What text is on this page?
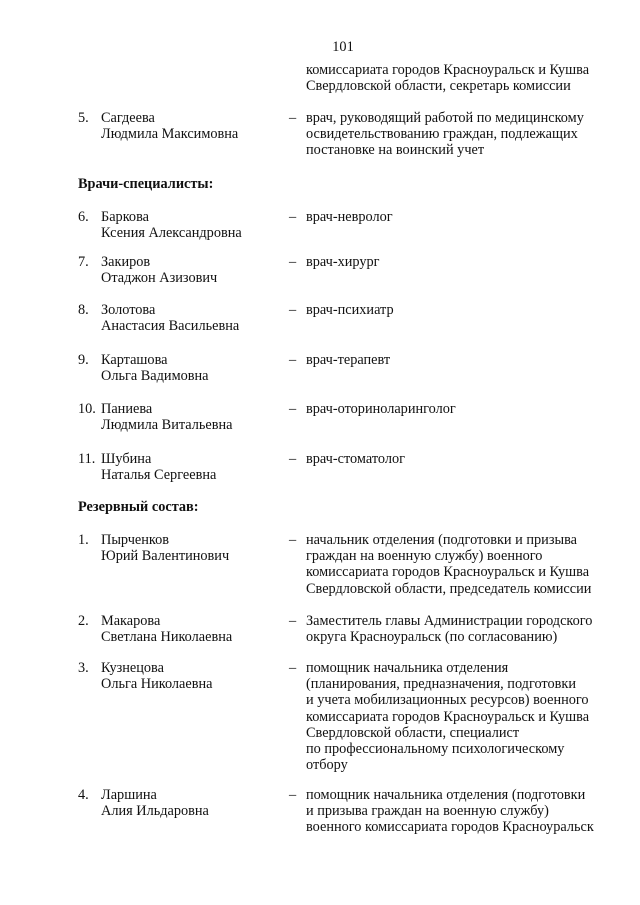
101
комиссариата городов Красноуральск и Кушва
Свердловской области, секретарь комиссии
5. Сагдеева
Людмила Максимовна
– врач, руководящий работой по медицинскому
освидетельствованию граждан, подлежащих
постановке на воинский учет
Врачи-специалисты:
6. Баркова
Ксения Александровна
– врач-невролог
7. Закиров
Отаджон Азизович
– врач-хирург
8. Золотова
Анастасия Васильевна
– врач-психиатр
9. Карташова
Ольга Вадимовна
– врач-терапевт
10. Паниева
Людмила Витальевна
– врач-оториноларинголог
11. Шубина
Наталья Сергеевна
– врач-стоматолог
Резервный состав:
1. Пырченков
Юрий Валентинович
– начальник отделения (подготовки и призыва
граждан на военную службу) военного
комиссариата городов Красноуральск и Кушва
Свердловской области, председатель комиссии
2. Макарова
Светлана Николаевна
– Заместитель главы Администрации городского
округа Красноуральск (по согласованию)
3. Кузнецова
Ольга Николаевна
– помощник начальника отделения
(планирования, предназначения, подготовки
и учета мобилизационных ресурсов) военного
комиссариата городов Красноуральск и Кушва
Свердловской области, специалист
по профессиональному психологическому
отбору
4. Ларшина
Алия Ильдаровна
– помощник начальника отделения (подготовки
и призыва граждан на военную службу)
военного комиссариата городов Красноуральск
